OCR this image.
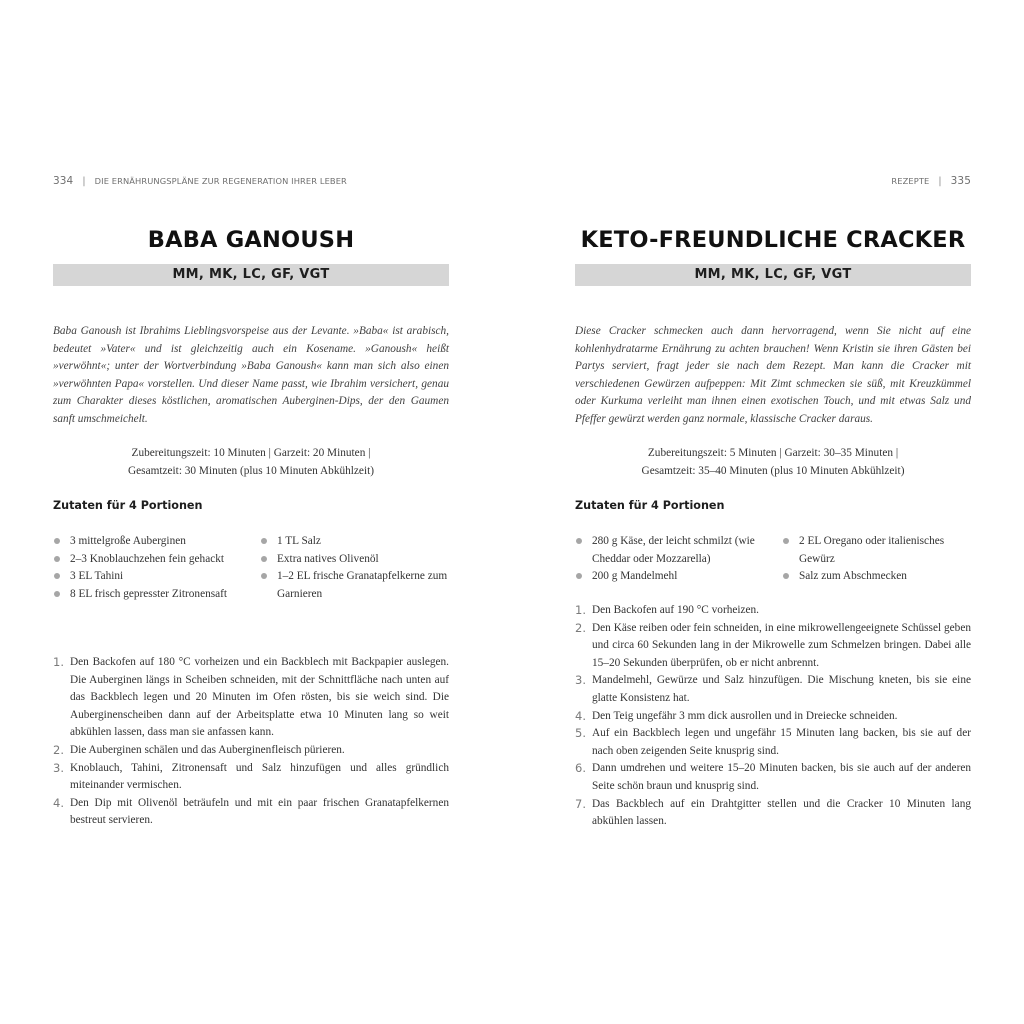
334 | DIE ERNÄHRUNGSPLÄNE ZUR REGENERATION IHRER LEBER
BABA GANOUSH
MM, MK, LC, GF, VGT

Baba Ganoush ist Ibrahims Lieblingsvorspeise aus der Levante. »Baba« ist arabisch, bedeutet »Vater« und ist gleichzeitig auch ein Kosename. »Ganoush« heißt »verwöhnt«; unter der Wortverbindung »Baba Ganoush« kann man sich also einen »verwöhnten Papa« vorstellen. Und dieser Name passt, wie Ibrahim versichert, genau zum Charakter dieses köstlichen, aromatischen Auberginen-Dips, der den Gaumen sanft umschmeichelt.

Zubereitungszeit: 10 Minuten | Garzeit: 20 Minuten |
Gesamtzeit: 30 Minuten (plus 10 Minuten Abkühlzeit)

Zutaten für 4 Portionen
3 mittelgroße Auberginen
2–3 Knoblauchzehen fein gehackt
3 EL Tahini
8 EL frisch gepresster Zitronensaft
1 TL Salz
Extra natives Olivenöl
1–2 EL frische Granatapfelkerne zum Garnieren
1. Den Backofen auf 180 °C vorheizen und ein Backblech mit Backpapier auslegen. Die Auberginen längs in Scheiben schneiden, mit der Schnittfläche nach unten auf das Backblech legen und 20 Minuten im Ofen rösten, bis sie weich sind. Die Auberginenscheiben dann auf der Arbeitsplatte etwa 10 Minuten lang so weit abkühlen lassen, dass man sie anfassen kann.
2. Die Auberginen schälen und das Auberginenfleisch pürieren.
3. Knoblauch, Tahini, Zitronensaft und Salz hinzufügen und alles gründlich miteinander vermischen.
4. Den Dip mit Olivenöl beträufeln und mit ein paar frischen Granatapfelkernen bestreut servieren.
REZEPTE | 335
KETO-FREUNDLICHE CRACKER
MM, MK, LC, GF, VGT

Diese Cracker schmecken auch dann hervorragend, wenn Sie nicht auf eine kohlenhydratarme Ernährung zu achten brauchen! Wenn Kristin sie ihren Gästen bei Partys serviert, fragt jeder sie nach dem Rezept. Man kann die Cracker mit verschiedenen Gewürzen aufpeppen: Mit Zimt schmecken sie süß, mit Kreuzkümmel oder Kurkuma verleiht man ihnen einen exotischen Touch, und mit etwas Salz und Pfeffer gewürzt werden ganz normale, klassische Cracker daraus.

Zubereitungszeit: 5 Minuten | Garzeit: 30–35 Minuten |
Gesamtzeit: 35–40 Minuten (plus 10 Minuten Abkühlzeit)

Zutaten für 4 Portionen
280 g Käse, der leicht schmilzt (wie Cheddar oder Mozzarella)
200 g Mandelmehl
2 EL Oregano oder italienisches Gewürz
Salz zum Abschmecken
1. Den Backofen auf 190 °C vorheizen.
2. Den Käse reiben oder fein schneiden, in eine mikrowellengeeignete Schüssel geben und circa 60 Sekunden lang in der Mikrowelle zum Schmelzen bringen. Dabei alle 15–20 Sekunden überprüfen, ob er nicht anbrennt.
3. Mandelmehl, Gewürze und Salz hinzufügen. Die Mischung kneten, bis sie eine glatte Konsistenz hat.
4. Den Teig ungefähr 3 mm dick ausrollen und in Dreiecke schneiden.
5. Auf ein Backblech legen und ungefähr 15 Minuten lang backen, bis sie auf der nach oben zeigenden Seite knusprig sind.
6. Dann umdrehen und weitere 15–20 Minuten backen, bis sie auch auf der anderen Seite schön braun und knusprig sind.
7. Das Backblech auf ein Drahtgitter stellen und die Cracker 10 Minuten lang abkühlen lassen.
